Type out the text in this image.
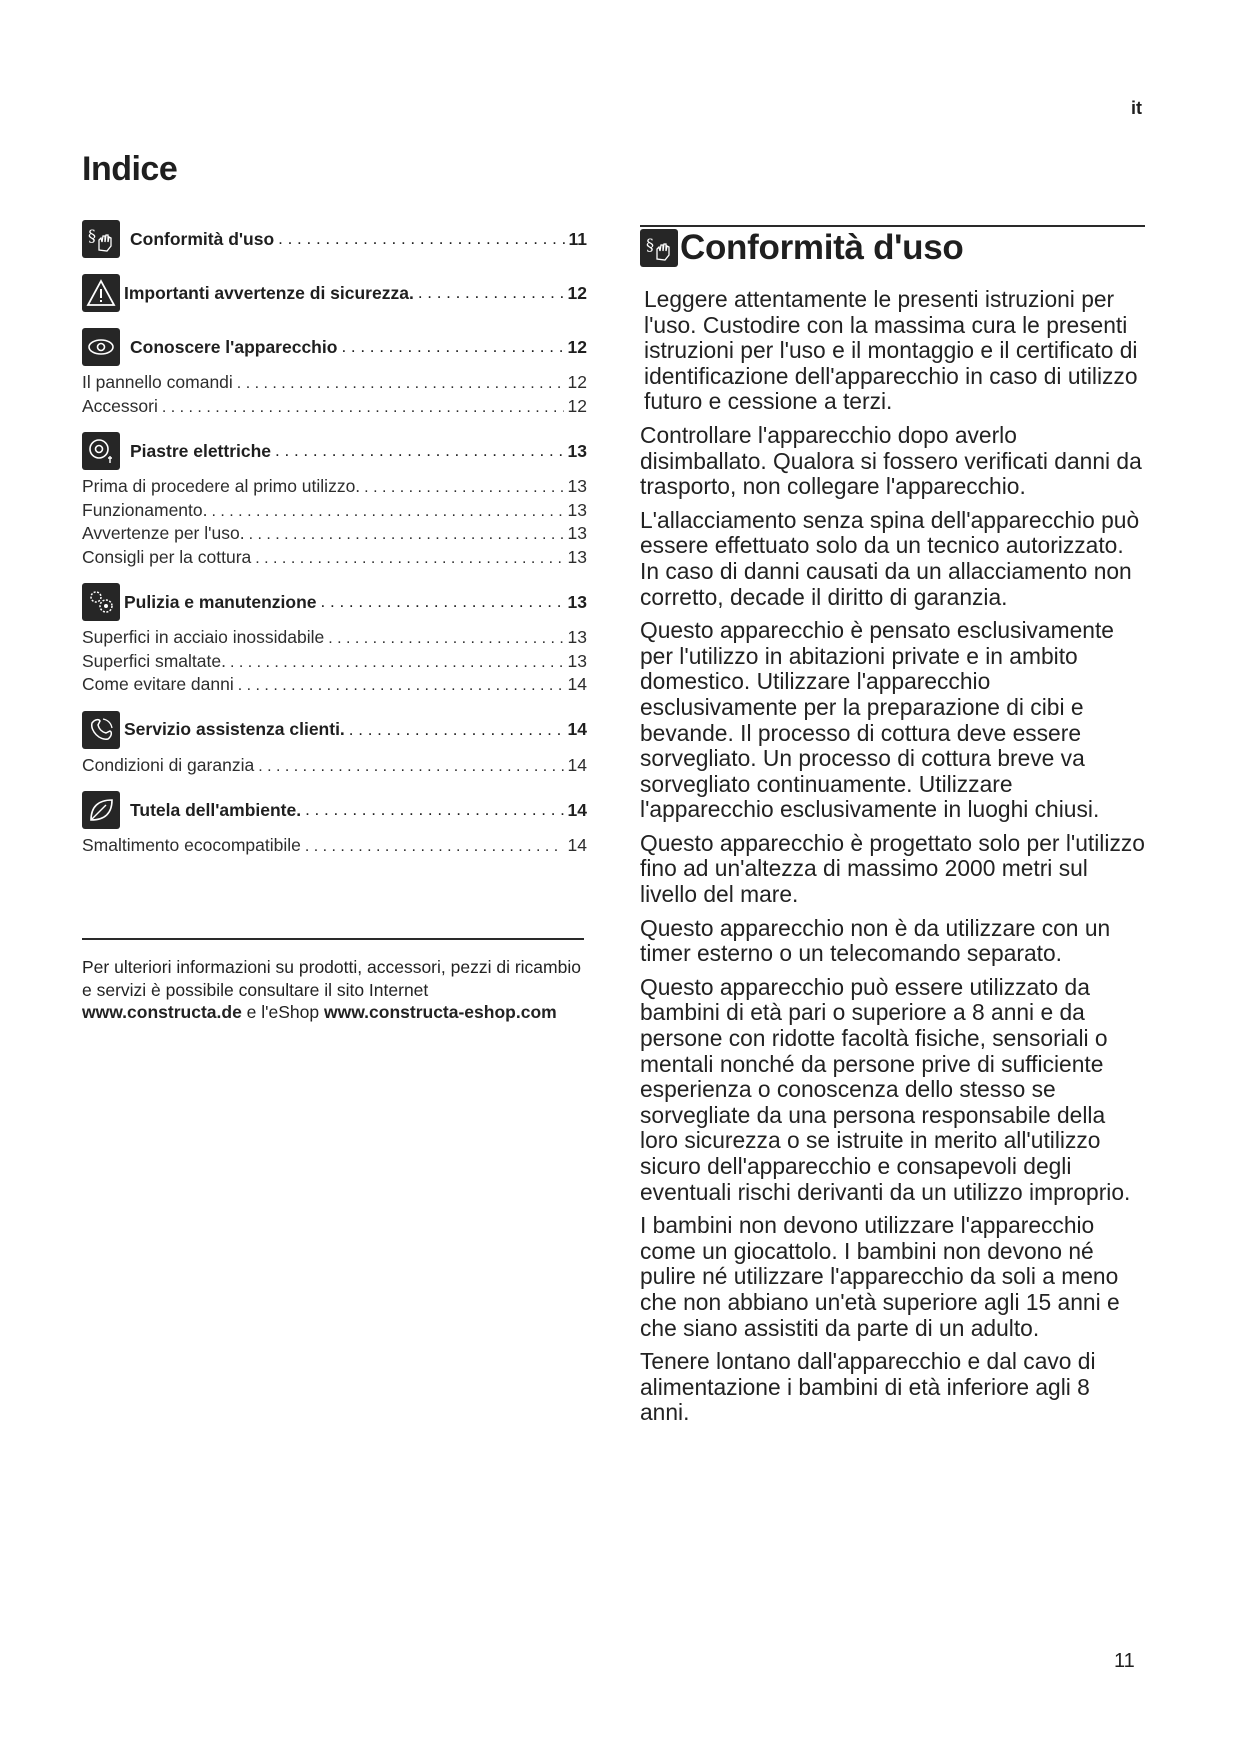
it
Indice
§ Conformità d'uso . . .	11
Importanti avvertenze di sicurezza. . . .	12
Conoscere l'apparecchio . . .	12
Il pannello comandi . . .	12
Accessori . . .	12
Piastre elettriche . . .	13
Prima di procedere al primo utilizzo. . . .	13
Funzionamento. . . .	13
Avvertenze per l'uso. . . .	13
Consigli per la cottura . . .	13
Pulizia e manutenzione . . .	13
Superfici in acciaio inossidabile . . .	13
Superfici smaltate. . . .	13
Come evitare danni . . .	14
Servizio assistenza clienti. . . .	14
Condizioni di garanzia . . .	14
Tutela dell'ambiente. . . .	14
Smaltimento ecocompatibile . . .	14
Per ulteriori informazioni su prodotti, accessori, pezzi di ricambio e servizi è possibile consultare il sito Internet www.constructa.de e l'eShop www.constructa-eshop.com
§ Conformità d'uso

Leggere attentamente le presenti istruzioni per l'uso. Custodire con la massima cura le presenti istruzioni per l'uso e il montaggio e il certificato di identificazione dell'apparecchio in caso di utilizzo futuro e cessione a terzi.

Controllare l'apparecchio dopo averlo disimballato. Qualora si fossero verificati danni da trasporto, non collegare l'apparecchio.

L'allacciamento senza spina dell'apparecchio può essere effettuato solo da un tecnico autorizzato. In caso di danni causati da un allacciamento non corretto, decade il diritto di garanzia.

Questo apparecchio è pensato esclusivamente per l'utilizzo in abitazioni private e in ambito domestico. Utilizzare l'apparecchio esclusivamente per la preparazione di cibi e bevande. Il processo di cottura deve essere sorvegliato. Un processo di cottura breve va sorvegliato continuamente. Utilizzare l'apparecchio esclusivamente in luoghi chiusi.

Questo apparecchio è progettato solo per l'utilizzo fino ad un'altezza di massimo 2000 metri sul livello del mare.

Questo apparecchio non è da utilizzare con un timer esterno o un telecomando separato.

Questo apparecchio può essere utilizzato da bambini di età pari o superiore a 8 anni e da persone con ridotte facoltà fisiche, sensoriali o mentali nonché da persone prive di sufficiente esperienza o conoscenza dello stesso se sorvegliate da una persona responsabile della loro sicurezza o se istruite in merito all'utilizzo sicuro dell'apparecchio e consapevoli degli eventuali rischi derivanti da un utilizzo improprio.

I bambini non devono utilizzare l'apparecchio come un giocattolo. I bambini non devono né pulire né utilizzare l'apparecchio da soli a meno che non abbiano un'età superiore agli 15 anni e che siano assistiti da parte di un adulto.

Tenere lontano dall'apparecchio e dal cavo di alimentazione i bambini di età inferiore agli 8 anni.

11
